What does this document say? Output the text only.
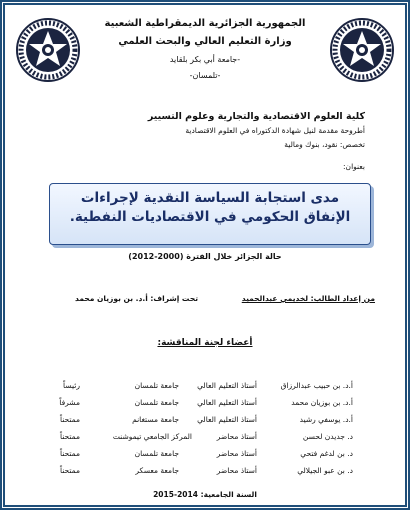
الجمهورية الجزائرية الديمقراطية الشعبية
وزارة التعليم العالي والبحث العلمي
-جامعة أبي بكر بلقايد
-تلمسان-
كلية العلوم الاقتصادية والتجارية وعلوم التسيير
أطروحة مقدمة لنيل شهادة الدكتوراه في العلوم الاقتصادية
تخصص: نقود، بنوك ومالية
بعنوان:
مدى استجابة السياسة النقدية لإجراءات الإنفاق الحكومي في الاقتصاديات النفطية.
حالة الجزائر خلال الفترة (2000-2012)
من إعداد الطالب: لخديمي عبدالحميد
تحت إشراف: أ.د. بن بوزيان محمد
أعضاء لجنة المناقشة:
أ.د. بن حبيب عبدالرزاق
أستاذ التعليم العالي
جامعة تلمسان
رئيساً
أ.د. بن بوزيان محمد
أستاذ التعليم العالي
جامعة تلمسان
مشرفاً
أ.د. يوسفي رشيد
أستاذ التعليم العالي
جامعة مستغانم
ممتحناً
د. جديدن لحسن
أستاذ محاضر
المركز الجامعي تيموشنت
ممتحناً
د. بن لدغم فتحي
أستاذ محاضر
جامعة تلمسان
ممتحناً
د. بن عبو الجيلالي
أستاذ محاضر
جامعة معسكر
ممتحناً
السنة الجامعية: 2014-2015
